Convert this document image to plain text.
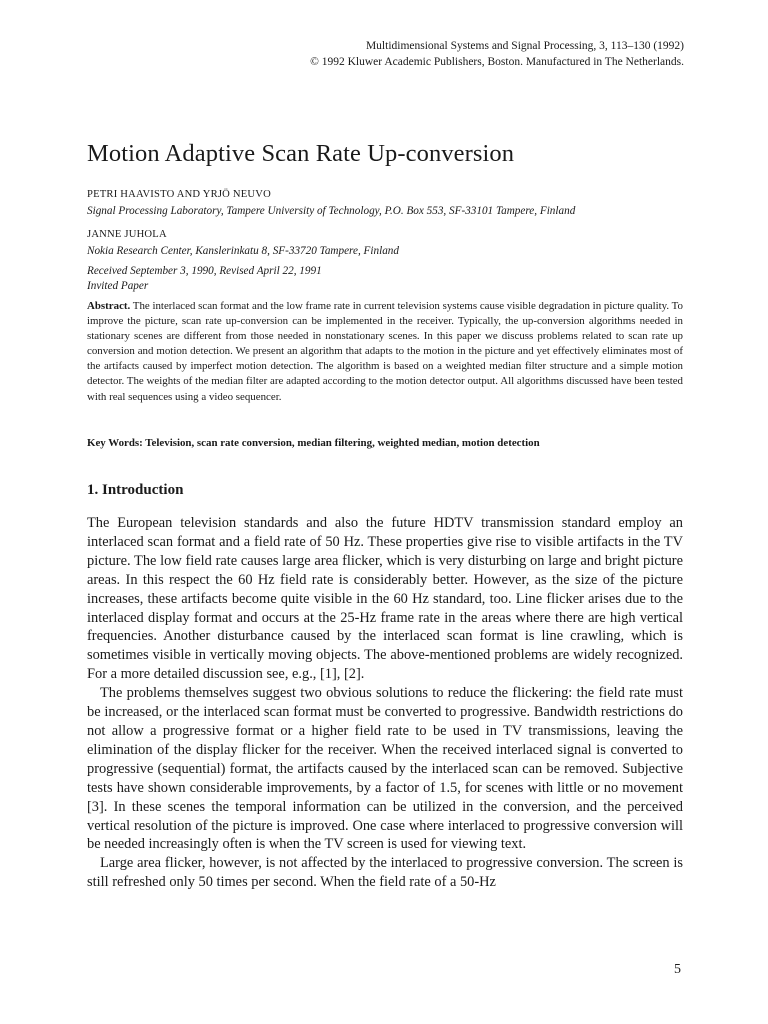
Multidimensional Systems and Signal Processing, 3, 113–130 (1992)
© 1992 Kluwer Academic Publishers, Boston. Manufactured in The Netherlands.
Motion Adaptive Scan Rate Up-conversion
PETRI HAAVISTO AND YRJÖ NEUVO
Signal Processing Laboratory, Tampere University of Technology, P.O. Box 553, SF-33101 Tampere, Finland
JANNE JUHOLA
Nokia Research Center, Kanslerinkatu 8, SF-33720 Tampere, Finland
Received September 3, 1990, Revised April 22, 1991
Invited Paper

Abstract. The interlaced scan format and the low frame rate in current television systems cause visible degradation in picture quality. To improve the picture, scan rate up-conversion can be implemented in the receiver. Typically, the up-conversion algorithms needed in stationary scenes are different from those needed in nonstationary scenes. In this paper we discuss problems related to scan rate up conversion and motion detection. We present an algorithm that adapts to the motion in the picture and yet effectively eliminates most of the artifacts caused by imperfect motion detection. The algorithm is based on a weighted median filter structure and a simple motion detector. The weights of the median filter are adapted according to the motion detector output. All algorithms discussed have been tested with real sequences using a video sequencer.

Key Words: Television, scan rate conversion, median filtering, weighted median, motion detection

1. Introduction

The European television standards and also the future HDTV transmission standard employ an interlaced scan format and a field rate of 50 Hz. These properties give rise to visible artifacts in the TV picture. The low field rate causes large area flicker, which is very disturbing on large and bright picture areas. In this respect the 60 Hz field rate is considerably better. However, as the size of the picture increases, these artifacts become quite visible in the 60 Hz standard, too. Line flicker arises due to the interlaced display format and occurs at the 25-Hz frame rate in the areas where there are high vertical frequencies. Another disturbance caused by the interlaced scan format is line crawling, which is sometimes visible in vertically moving objects. The above-mentioned problems are widely recognized. For a more detailed discussion see, e.g., [1], [2].

The problems themselves suggest two obvious solutions to reduce the flickering: the field rate must be increased, or the interlaced scan format must be converted to progressive. Bandwidth restrictions do not allow a progressive format or a higher field rate to be used in TV transmissions, leaving the elimination of the display flicker for the receiver. When the received interlaced signal is converted to progressive (sequential) format, the artifacts caused by the interlaced scan can be removed. Subjective tests have shown considerable improvements, by a factor of 1.5, for scenes with little or no movement [3]. In these scenes the temporal information can be utilized in the conversion, and the perceived vertical resolution of the picture is improved. One case where interlaced to progressive conversion will be needed increasingly often is when the TV screen is used for viewing text.

Large area flicker, however, is not affected by the interlaced to progressive conversion. The screen is still refreshed only 50 times per second. When the field rate of a 50-Hz

5
